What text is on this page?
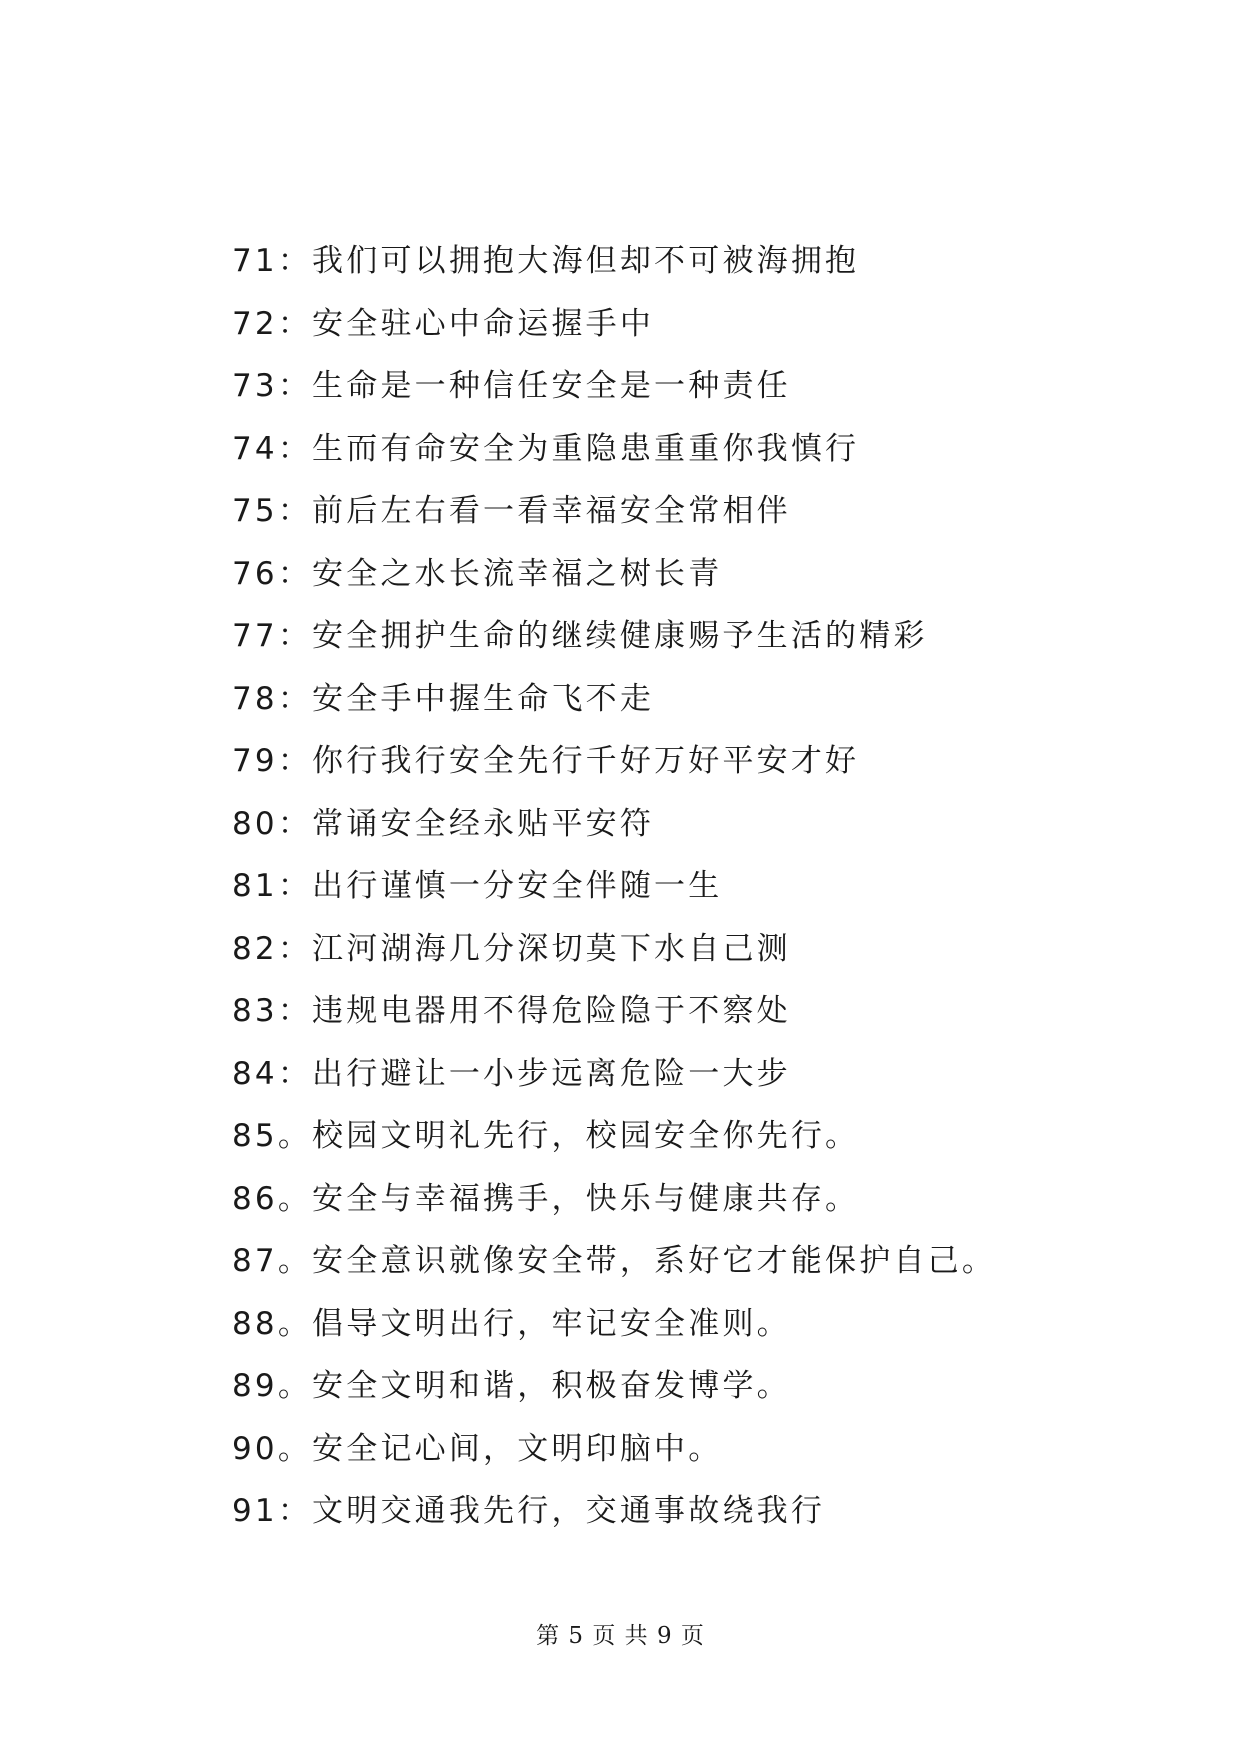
71：我们可以拥抱大海但却不可被海拥抱
72：安全驻心中命运握手中
73：生命是一种信任安全是一种责任
74：生而有命安全为重隐患重重你我慎行
75：前后左右看一看幸福安全常相伴
76：安全之水长流幸福之树长青
77：安全拥护生命的继续健康赐予生活的精彩
78：安全手中握生命飞不走
79：你行我行安全先行千好万好平安才好
80：常诵安全经永贴平安符
81：出行谨慎一分安全伴随一生
82：江河湖海几分深切莫下水自己测
83：违规电器用不得危险隐于不察处
84：出行避让一小步远离危险一大步
85。校园文明礼先行，校园安全你先行。
86。安全与幸福携手，快乐与健康共存。
87。安全意识就像安全带，系好它才能保护自己。
88。倡导文明出行，牢记安全准则。
89。安全文明和谐，积极奋发博学。
90。安全记心间，文明印脑中。
91：文明交通我先行，交通事故绕我行
第 5 页 共 9 页
